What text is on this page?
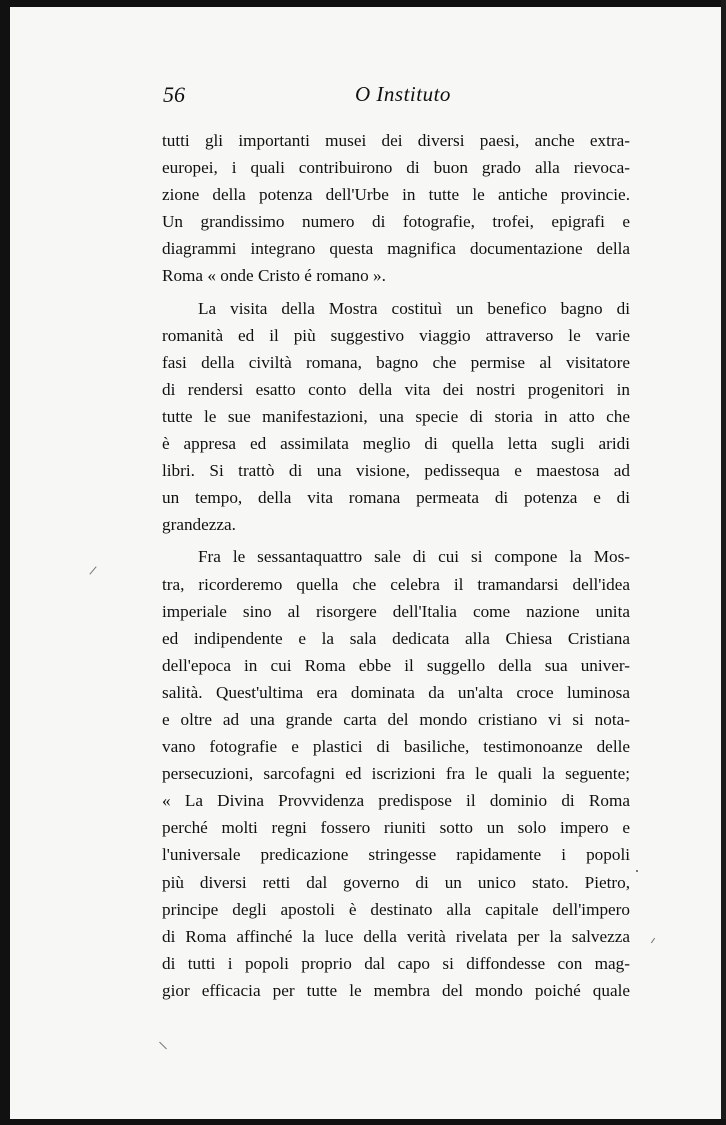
56	O Instituto
tutti gli importanti musei dei diversi paesi, anche extra-
europei, i quali contribuirono di buon grado alla rievoca-
zione della potenza dell'Urbe in tutte le antiche provincie.
Un grandissimo numero di fotografie, trofei, epigrafi e
diagrammi integrano questa magnifica documentazione della
Roma « onde Cristo é romano ».
La visita della Mostra costituì un benefico bagno di
romanità ed il più suggestivo viaggio attraverso le varie
fasi della civiltà romana, bagno che permise al visitatore
di rendersi esatto conto della vita dei nostri progenitori in
tutte le sue manifestazioni, una specie di storia in atto che
è appresa ed assimilata meglio di quella letta sugli aridi
libri. Si trattò di una visione, pedissequa e maestosa ad
un tempo, della vita romana permeata di potenza e di
grandezza.
Fra le sessantaquattro sale di cui si compone la Mos-
tra, ricorderemo quella che celebra il tramandarsi dell'idea
imperiale sino al risorgere dell'Italia come nazione unita
ed indipendente e la sala dedicata alla Chiesa Cristiana
dell'epoca in cui Roma ebbe il suggello della sua univer-
salità. Quest'ultima era dominata da un'alta croce luminosa
e oltre ad una grande carta del mondo cristiano vi si nota-
vano fotografie e plastici di basiliche, testimonoanze delle
persecuzioni, sarcofagni ed iscrizioni fra le quali la seguente;
« La Divina Provvidenza predispose il dominio di Roma
perché molti regni fossero riuniti sotto un solo impero e
l'universale predicazione stringesse rapidamente i popoli
più diversi retti dal governo di un unico stato. Pietro,
principe degli apostoli è destinato alla capitale dell'impero
di Roma affinché la luce della verità rivelata per la salvezza
di tutti i popoli proprio dal capo si diffondesse con mag-
gior efficacia per tutte le membra del mondo poiché quale
